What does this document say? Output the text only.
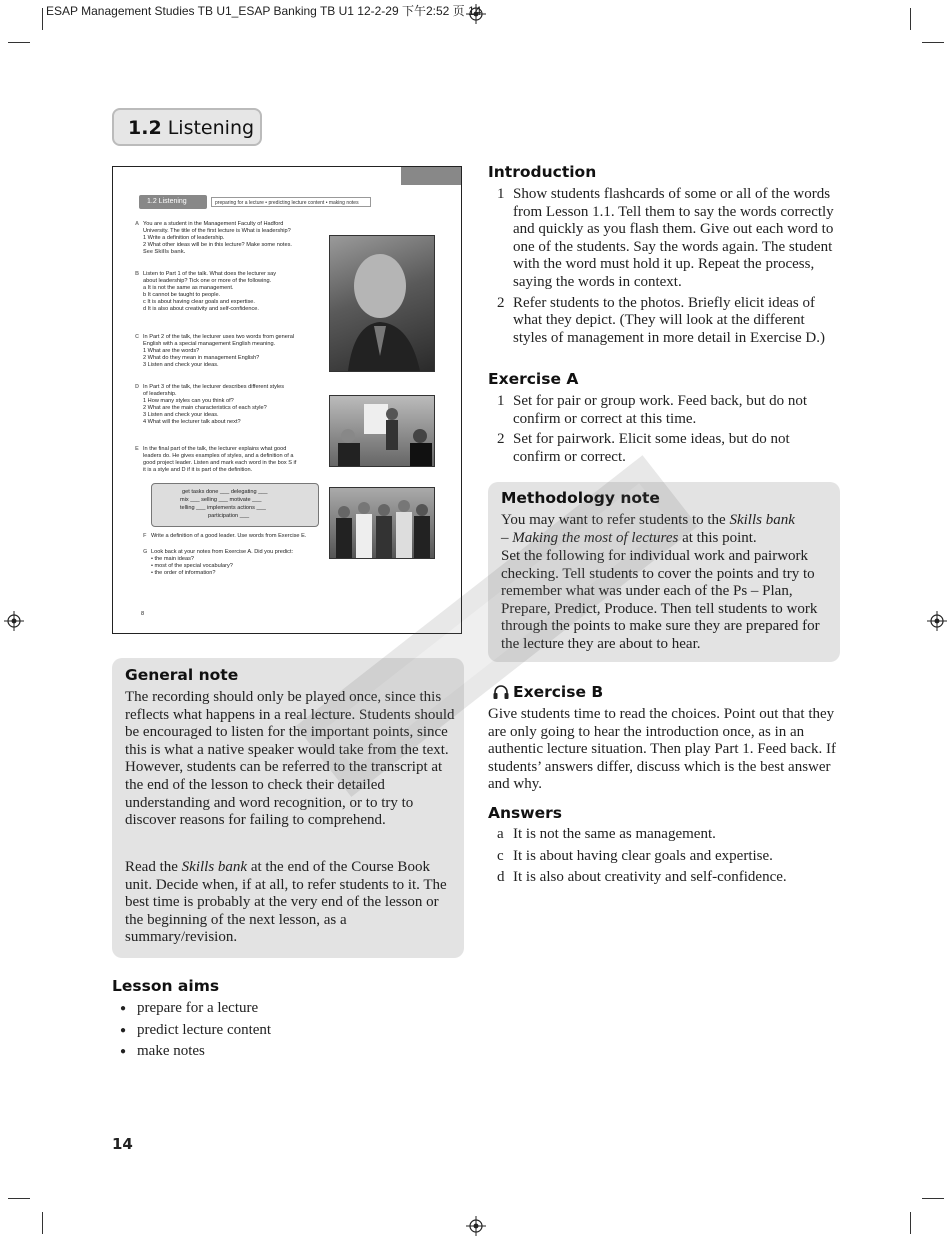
ESAP Management Studies TB U1_ESAP Banking TB U1 12-2-29 下午2:52 页 14
1.2 Listening
1.2 Listening	preparing for a lecture • predicting lecture content • making notes
A You are a student in the Management Faculty of Hadford
University. The title of the first lecture is What is leadership?
1 Write a definition of leadership.
2 What other ideas will be in this lecture? Make some notes.
See Skills bank.
B Listen to Part 1 of the talk. What does the lecturer say
about leadership? Tick one or more of the following.
a It is not the same as management.
b It cannot be taught to people.
c It is about having clear goals and expertise.
d It is also about creativity and self-confidence.
C In Part 2 of the talk, the lecturer uses two words from general
English with a special management English meaning.
1 What are the words?
2 What do they mean in management English?
3 Listen and check your ideas.
D In Part 3 of the talk, the lecturer describes different styles
of leadership.
1 How many styles can you think of?
2 What are the main characteristics of each style?
3 Listen and check your ideas.
4 What will the lecturer talk about next?
E In the final part of the talk, the lecturer explains what good
leaders do. He gives examples of styles, and a definition of a
good project leader. Listen and mark each word in the box S if
it is a style and D if it is part of the definition.
get tasks done ___ delegating ___
mix ___ selling ___ motivate ___
telling ___ implements actions ___
participation ___
F Write a definition of a good leader. Use words from Exercise E.
G Look back at your notes from Exercise A. Did you predict:
• the main ideas?
• most of the special vocabulary?
• the order of information?
8
General note
The recording should only be played once, since this reflects what happens in a real lecture. Students should be encouraged to listen for the important points, since this is what a native speaker would take from the text. However, students can be referred to the transcript at the end of the lesson to check their detailed understanding and word recognition, or to try to discover reasons for failing to comprehend.
Read the Skills bank at the end of the Course Book unit. Decide when, if at all, to refer students to it. The best time is probably at the very end of the lesson or the beginning of the next lesson, as a summary/revision.
Lesson aims
● prepare for a lecture
● predict lecture content
● make notes
14
Introduction
1 Show students flashcards of some or all of the words from Lesson 1.1. Tell them to say the words correctly and quickly as you flash them. Give out each word to one of the students. Say the words again. The student with the word must hold it up. Repeat the process, saying the words in context.
2 Refer students to the photos. Briefly elicit ideas of what they depict. (They will look at the different styles of management in more detail in Exercise D.)
Exercise A
1 Set for pair or group work. Feed back, but do not confirm or correct at this time.
2 Set for pairwork. Elicit some ideas, but do not confirm or correct.
Methodology note
You may want to refer students to the Skills bank
– Making the most of lectures at this point.
Set the following for individual work and pairwork checking. Tell students to cover the points and try to remember what was under each of the Ps – Plan, Prepare, Predict, Produce. Then tell students to work through the points to make sure they are prepared for the lecture they are about to hear.
Exercise B
Give students time to read the choices. Point out that they are only going to hear the introduction once, as in an authentic lecture situation. Then play Part 1. Feed back. If students’ answers differ, discuss which is the best answer and why.
Answers
a It is not the same as management.
c It is about having clear goals and expertise.
d It is also about creativity and self-confidence.
